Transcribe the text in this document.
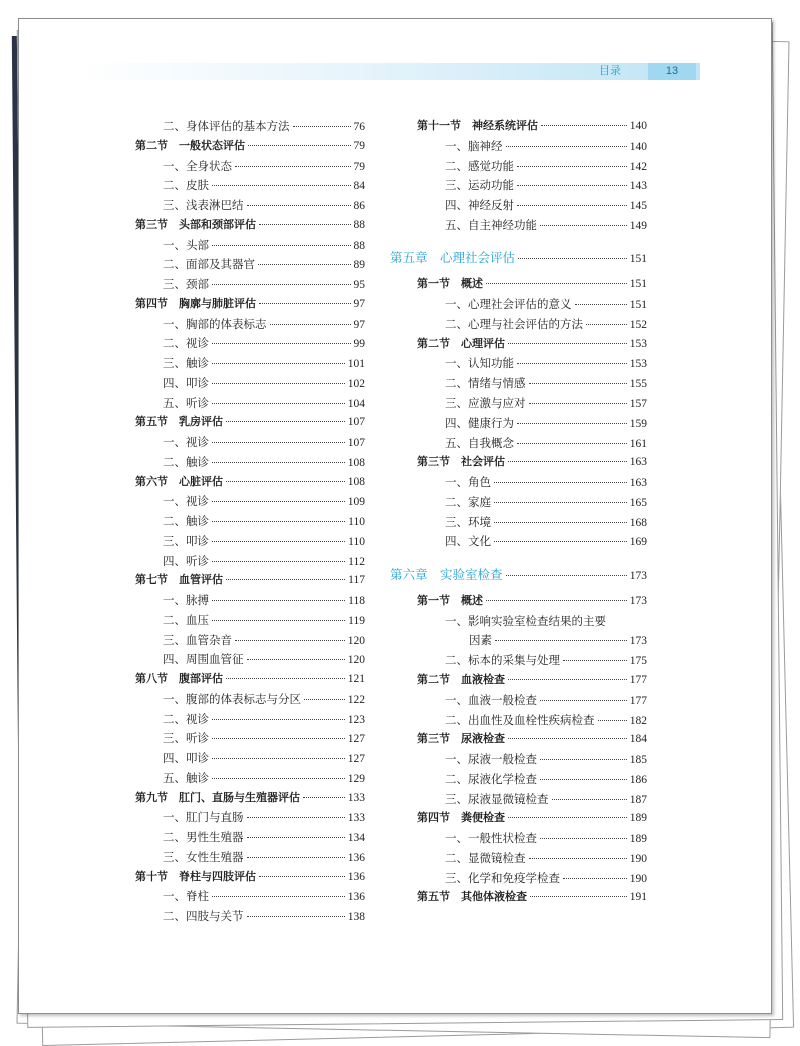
目录	13
二、身体评估的基本方法	76
第二节　一般状态评估	79
一、全身状态	79
二、皮肤	84
三、浅表淋巴结	86
第三节　头部和颈部评估	88
一、头部	88
二、面部及其器官	89
三、颈部	95
第四节　胸廓与肺脏评估	97
一、胸部的体表标志	97
二、视诊	99
三、触诊	101
四、叩诊	102
五、听诊	104
第五节　乳房评估	107
一、视诊	107
二、触诊	108
第六节　心脏评估	108
一、视诊	109
二、触诊	110
三、叩诊	110
四、听诊	112
第七节　血管评估	117
一、脉搏	118
二、血压	119
三、血管杂音	120
四、周围血管征	120
第八节　腹部评估	121
一、腹部的体表标志与分区	122
二、视诊	123
三、听诊	127
四、叩诊	127
五、触诊	129
第九节　肛门、直肠与生殖器评估	133
一、肛门与直肠	133
二、男性生殖器	134
三、女性生殖器	136
第十节　脊柱与四肢评估	136
一、脊柱	136
二、四肢与关节	138
第十一节　神经系统评估	140
一、脑神经	140
二、感觉功能	142
三、运动功能	143
四、神经反射	145
五、自主神经功能	149
第五章　心理社会评估	151
第一节　概述	151
一、心理社会评估的意义	151
二、心理与社会评估的方法	152
第二节　心理评估	153
一、认知功能	153
二、情绪与情感	155
三、应激与应对	157
四、健康行为	159
五、自我概念	161
第三节　社会评估	163
一、角色	163
二、家庭	165
三、环境	168
四、文化	169
第六章　实验室检查	173
第一节　概述	173
一、影响实验室检查结果的主要
因素	173
二、标本的采集与处理	175
第二节　血液检查	177
一、血液一般检查	177
二、出血性及血栓性疾病检查	182
第三节　尿液检查	184
一、尿液一般检查	185
二、尿液化学检查	186
三、尿液显微镜检查	187
第四节　粪便检查	189
一、一般性状检查	189
二、显微镜检查	190
三、化学和免疫学检查	190
第五节　其他体液检查	191
